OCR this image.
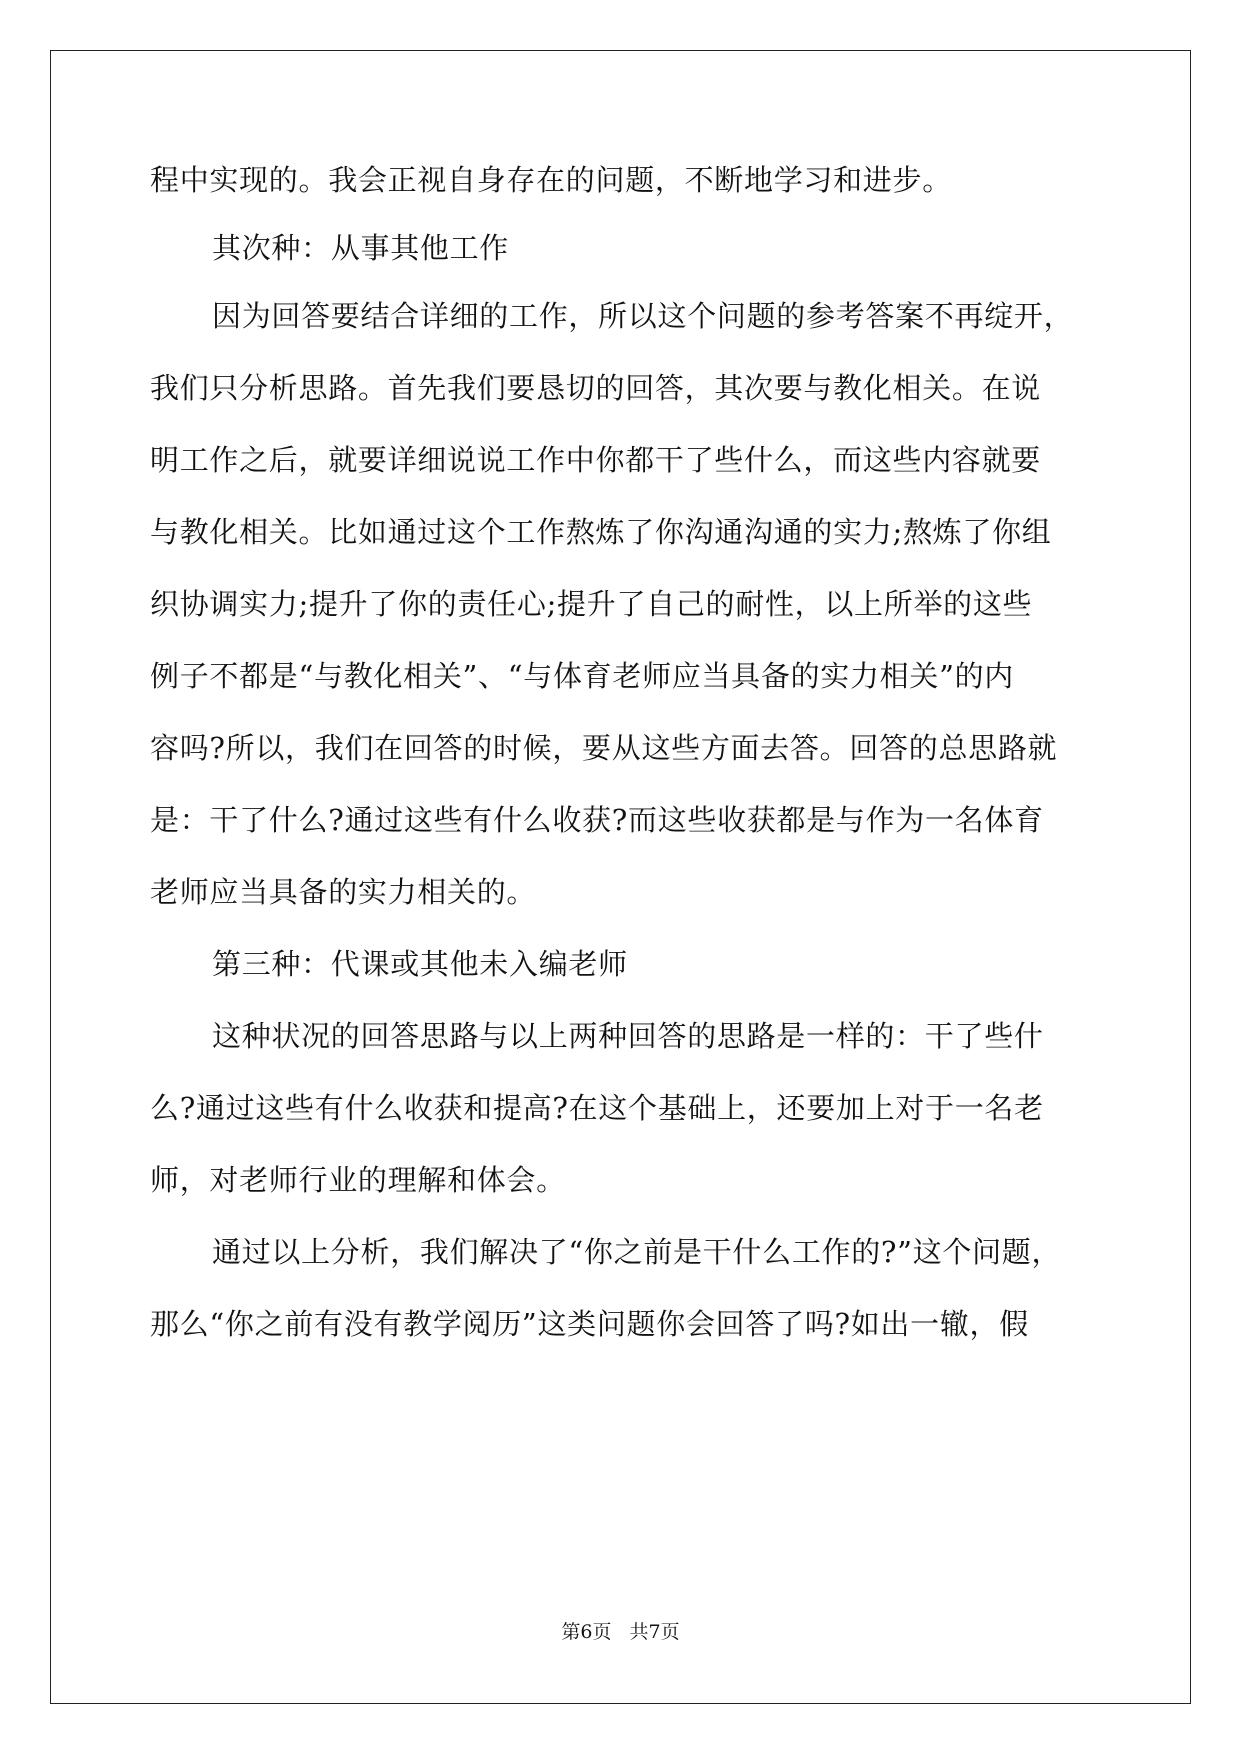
程中实现的。我会正视自身存在的问题，不断地学习和进步。
其次种：从事其他工作
因为回答要结合详细的工作，所以这个问题的参考答案不再绽开，
我们只分析思路。首先我们要恳切的回答，其次要与教化相关。在说
明工作之后，就要详细说说工作中你都干了些什么，而这些内容就要
与教化相关。比如通过这个工作熬炼了你沟通沟通的实力;熬炼了你组
织协调实力;提升了你的责任心;提升了自己的耐性，以上所举的这些
例子不都是“与教化相关”、“与体育老师应当具备的实力相关”的内
容吗?所以，我们在回答的时候，要从这些方面去答。回答的总思路就
是：干了什么?通过这些有什么收获?而这些收获都是与作为一名体育
老师应当具备的实力相关的。
第三种：代课或其他未入编老师
这种状况的回答思路与以上两种回答的思路是一样的：干了些什
么?通过这些有什么收获和提高?在这个基础上，还要加上对于一名老
师，对老师行业的理解和体会。
通过以上分析，我们解决了“你之前是干什么工作的?”这个问题，
那么“你之前有没有教学阅历”这类问题你会回答了吗?如出一辙，假
第6页 共7页
